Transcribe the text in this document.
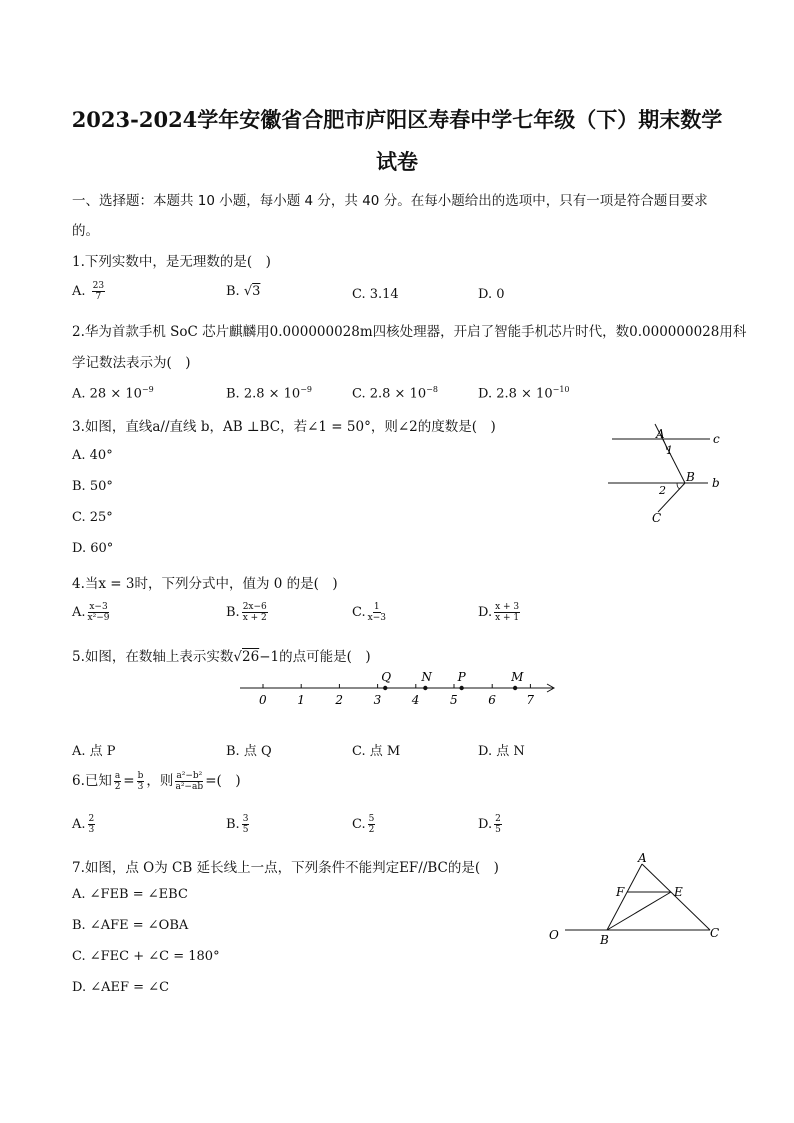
2023-2024学年安徽省合肥市庐阳区寿春中学七年级（下）期末数学
试卷
一、选择题：本题共 10 小题，每小题 4 分，共 40 分。在每小题给出的选项中，只有一项是符合题目要求
的。
1.下列实数中，是无理数的是(　)
A. $\frac{23}{7}$	B. √3	C. 3.14	D. 0
2.华为首款手机 SoC 芯片麒麟用0.000000028m四核处理器，开启了智能手机芯片时代，数0.000000028用科
学记数法表示为(　)
A. $28 \times 10^{-9}$	B. $2.8 \times 10^{-9}$	C. $2.8 \times 10^{-8}$	D. $2.8 \times 10^{-10}$
3.如图，直线a//直线 b，AB ⊥BC，若∠1 = 50°，则∠2的度数是(　)
A. 40°
B. 50°
C. 25°
D. 60°
A
1
c
B b
2
C
4.当x = 3时，下列分式中，值为 0 的是(　)
A. $\frac{x-3}{\text{x²−9}}$	B. $\frac{2x-6}{x + 2}$	C. $\frac{1}{x-3}$	D. $\frac{x + 3}{x + 1}$
5.如图，在数轴上表示实数√26−1的点可能是(　)
0	1	2	3	4	5	6	7
Q	N P	M
A. 点 P	B. 点 Q	C. 点 M	D. 点 N
6.已知 $\frac{a}{2} = \frac{b}{3}$ ，则 $\frac{\text{a²−b²}}{\text{a²−ab}}$ =(　)
A. $\frac{2}{3}$	B. $\frac{3}{5}$	C. $\frac{5}{2}$	D. $\frac{2}{5}$
7.如图，点 O为 CB 延长线上一点，下列条件不能判定EF//BC的是(　)
A. ∠FEB = ∠EBC
B. ∠AFE = ∠OBA
C. ∠FEC + ∠C = 180°
D. ∠AEF = ∠C
A
F	E
O	B	C
